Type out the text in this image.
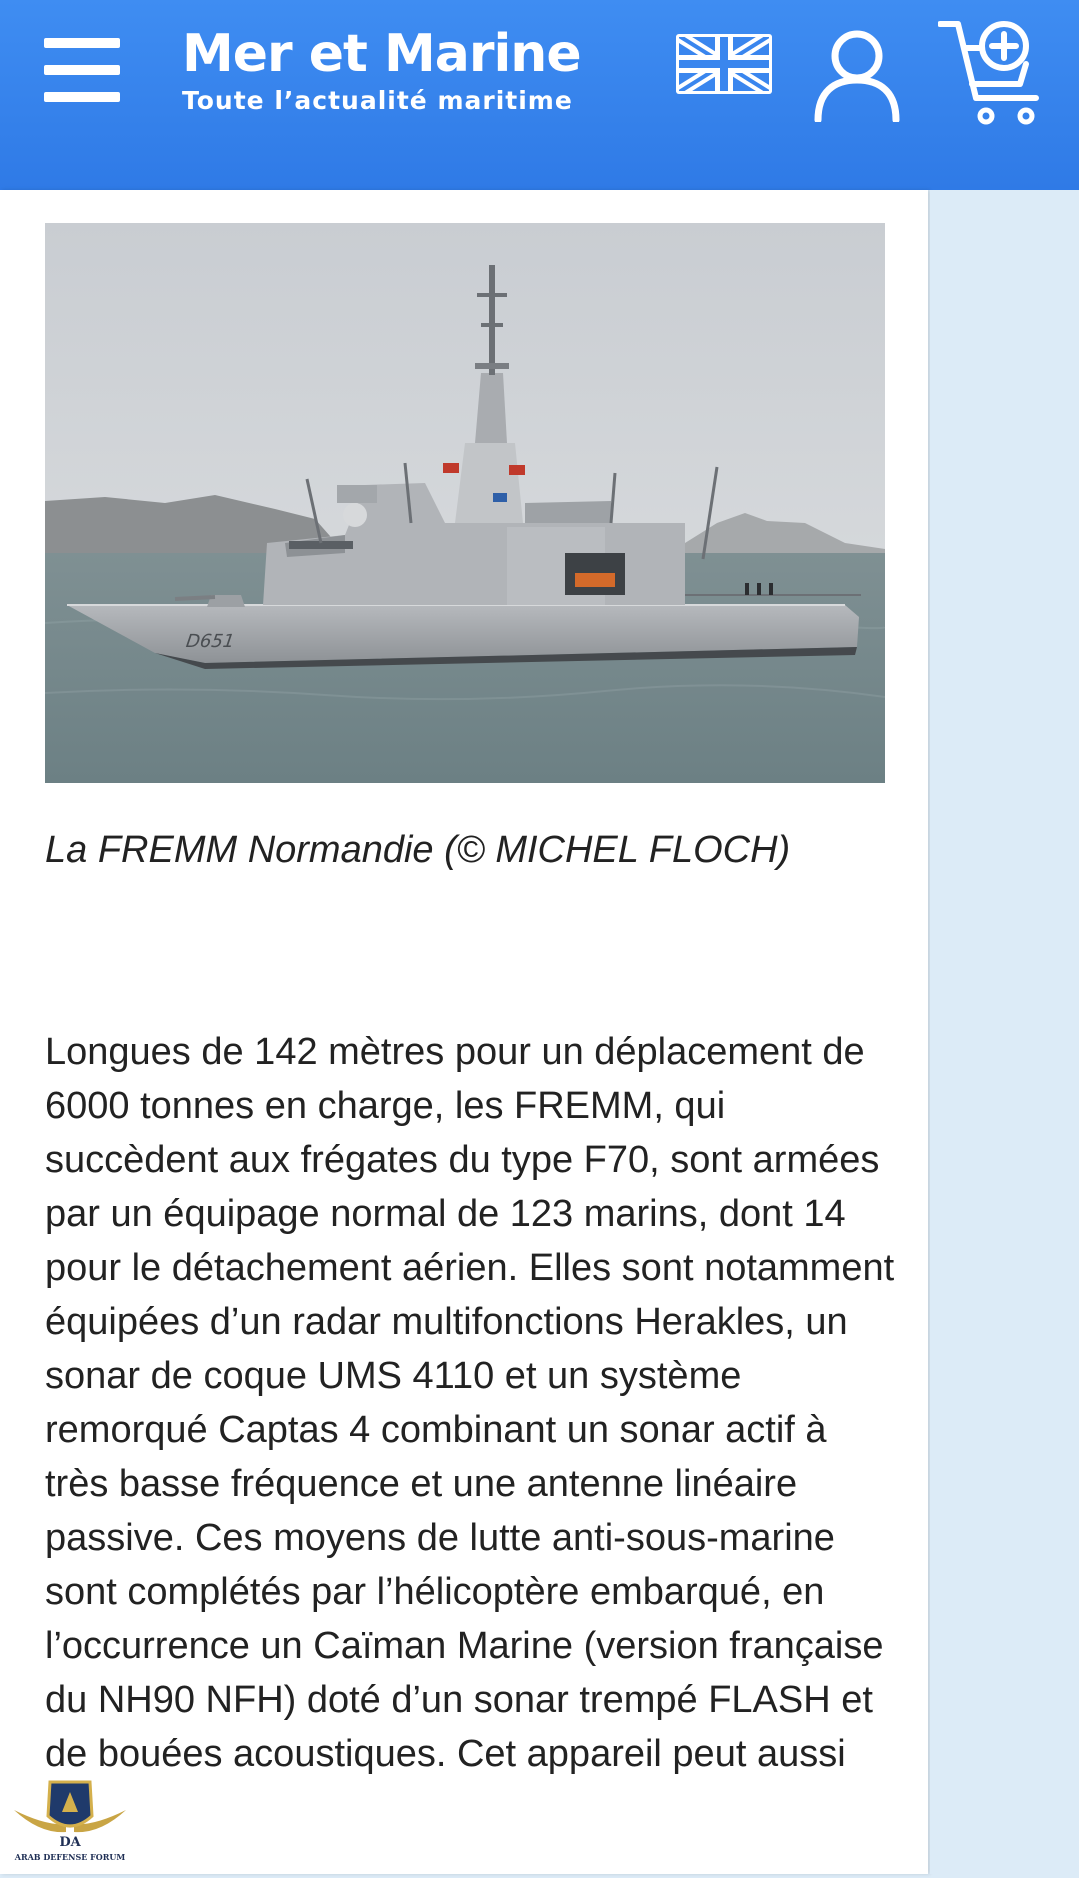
Mer et Marine
Toute l’actualité maritime
D651
La FREMM Normandie (© MICHEL FLOCH)

Longues de 142 mètres pour un déplacement de 6000 tonnes en charge, les FREMM, qui succèdent aux frégates du type F70, sont armées par un équipage normal de 123 marins, dont 14 pour le détachement aérien. Elles sont notamment équipées d’un radar multifonctions Herakles, un sonar de coque UMS 4110 et un système remorqué Captas 4 combinant un sonar actif à très basse fréquence et une antenne linéaire passive. Ces moyens de lutte anti-sous-marine sont complétés par l’hélicoptère embarqué, en l’occurrence un Caïman Marine (version française du NH90 NFH) doté d’un sonar trempé FLASH et de bouées acoustiques. Cet appareil peut aussi

DA
ARAB DEFENSE FORUM
